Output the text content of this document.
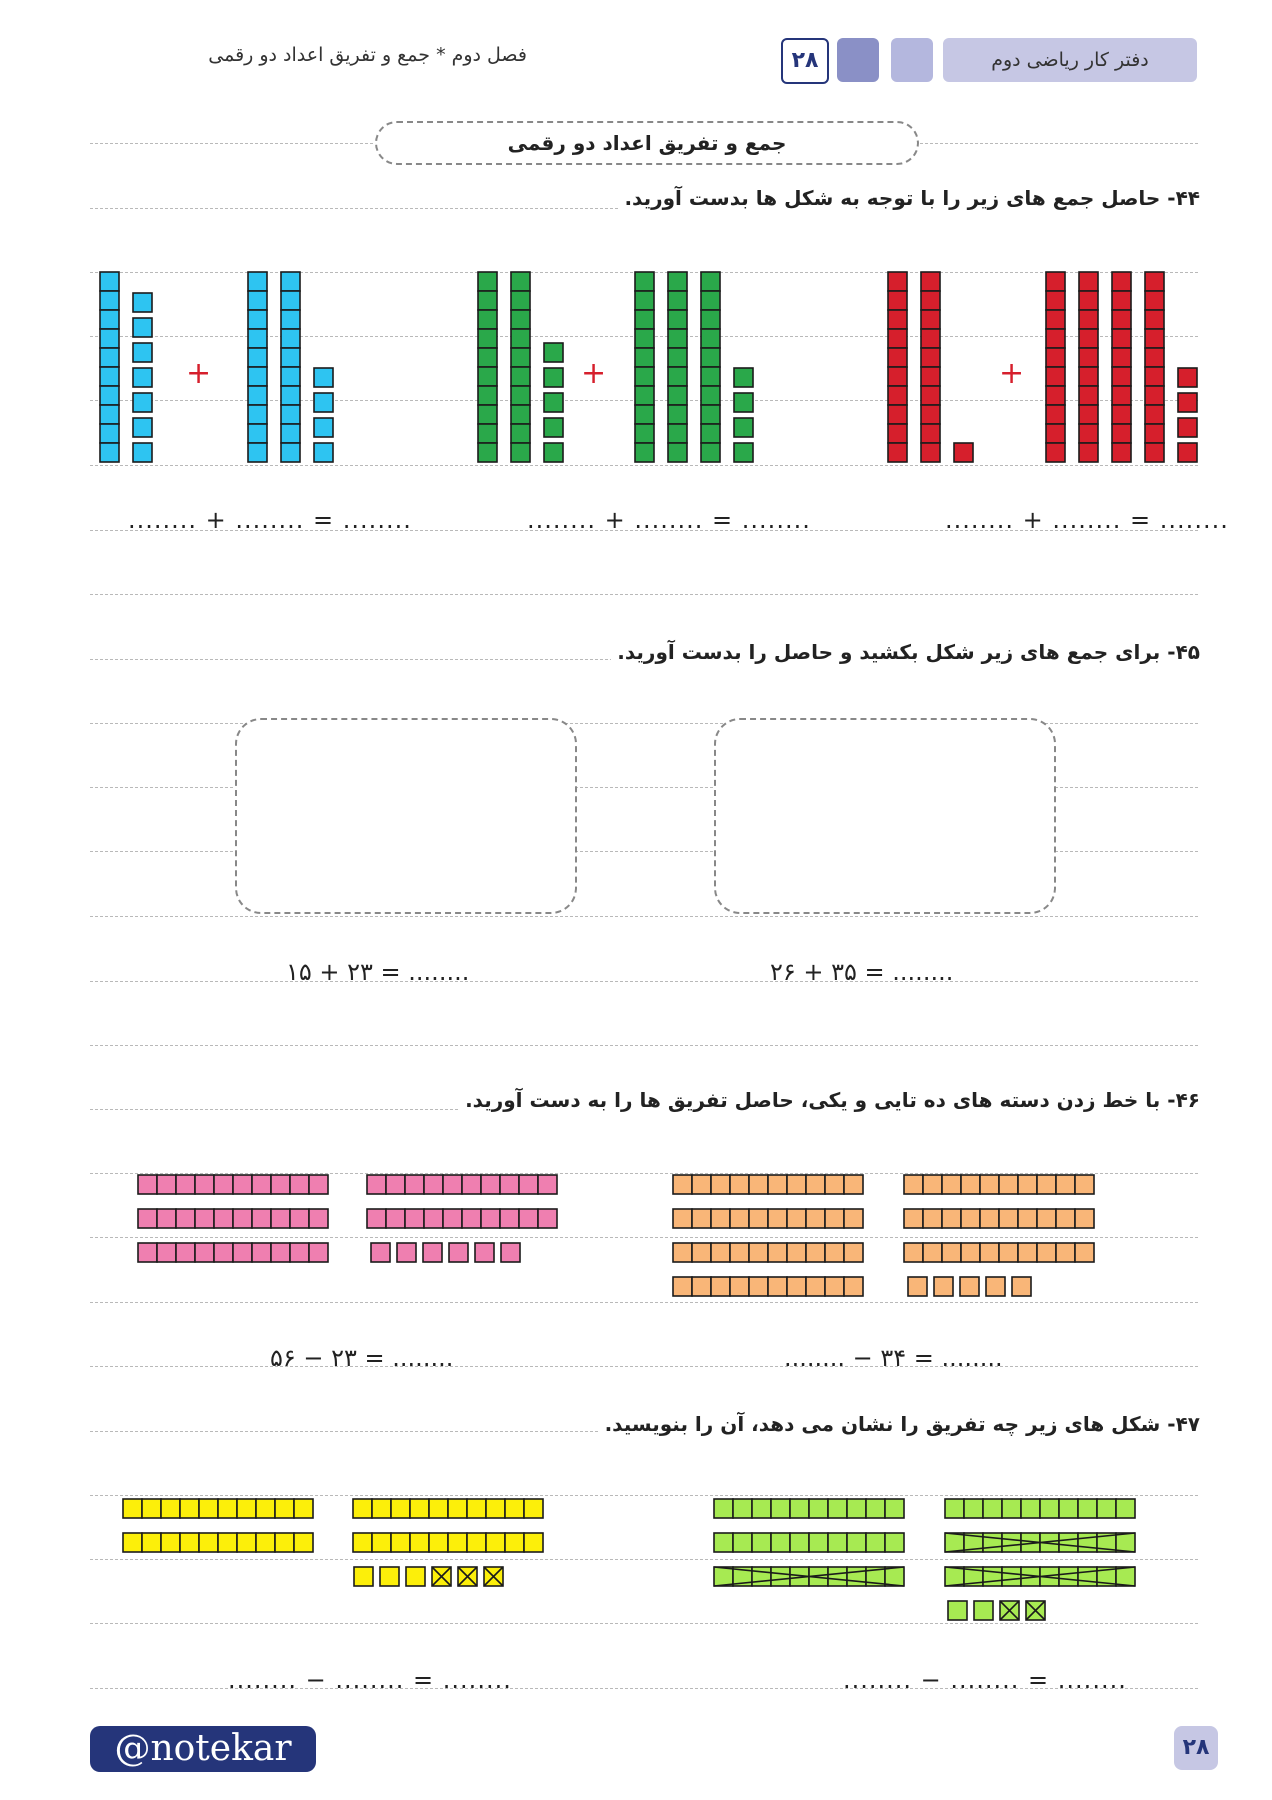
فصل دوم * جمع و تفریق اعداد دو رقمی	۲۸	دفتر کار ریاضی دوم
جمع و تفریق اعداد دو رقمی
۴۴- حاصل جمع های زیر را با توجه به شکل ها بدست آورید.
۴۵- برای جمع های زیر شکل بکشید و حاصل را بدست آورید.
۴۶- با خط زدن دسته های ده تایی و یکی، حاصل تفریق ها را به دست آورید.
۴۷- شکل های زیر چه تفریق را نشان می دهد، آن را بنویسید.
+	+	+
........ + ........ = ........	........ + ........ = ........	........ + ........ = ........
۱۵ + ۲۳ = ........	۲۶ + ۳۵ = ........
۵۶ − ۲۳ = ........	........ − ۳۴ = ........
........ − ........ = ........	........ − ........ = ........
@notekar	۲۸
